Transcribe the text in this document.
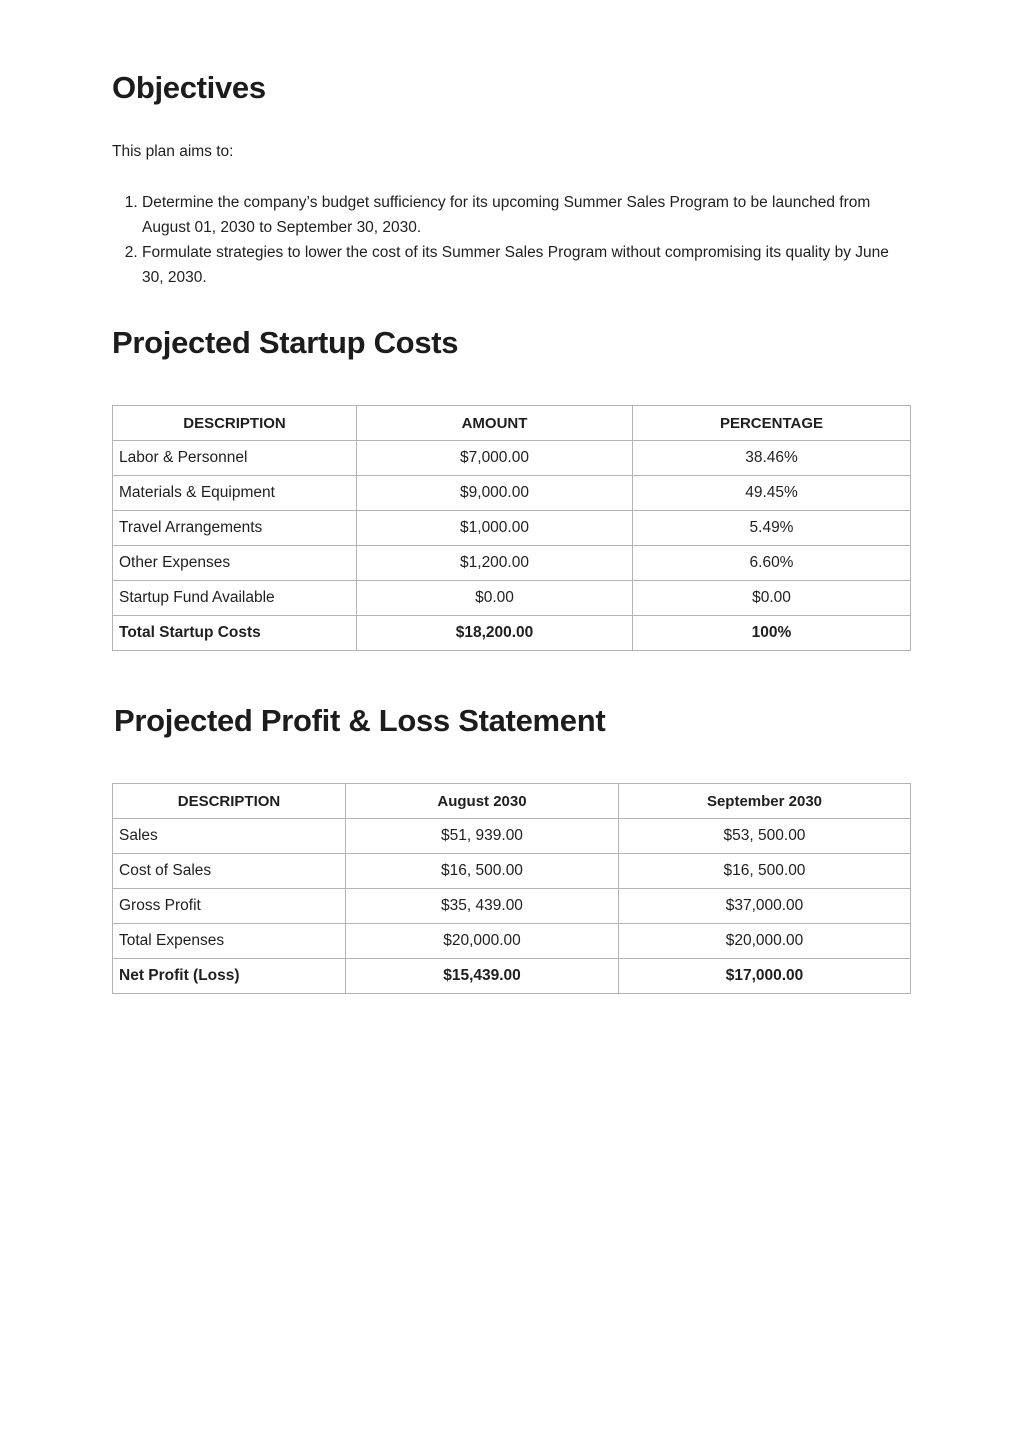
Objectives

This plan aims to:

1. Determine the company’s budget sufficiency for its upcoming Summer Sales Program to be launched from August 01, 2030 to September 30, 2030.
2. Formulate strategies to lower the cost of its Summer Sales Program without compromising its quality by June 30, 2030.
Projected Startup Costs
DESCRIPTION	AMOUNT	PERCENTAGE
Labor & Personnel	$7,000.00	38.46%
Materials & Equipment	$9,000.00	49.45%
Travel Arrangements	$1,000.00	5.49%
Other Expenses	$1,200.00	6.60%
Startup Fund Available	$0.00	$0.00
Total Startup Costs	$18,200.00	100%
Projected Profit & Loss Statement
DESCRIPTION	August 2030	September 2030
Sales	$51, 939.00	$53, 500.00
Cost of Sales	$16, 500.00	$16, 500.00
Gross Profit	$35, 439.00	$37,000.00
Total Expenses	$20,000.00	$20,000.00
Net Profit (Loss)	$15,439.00	$17,000.00
